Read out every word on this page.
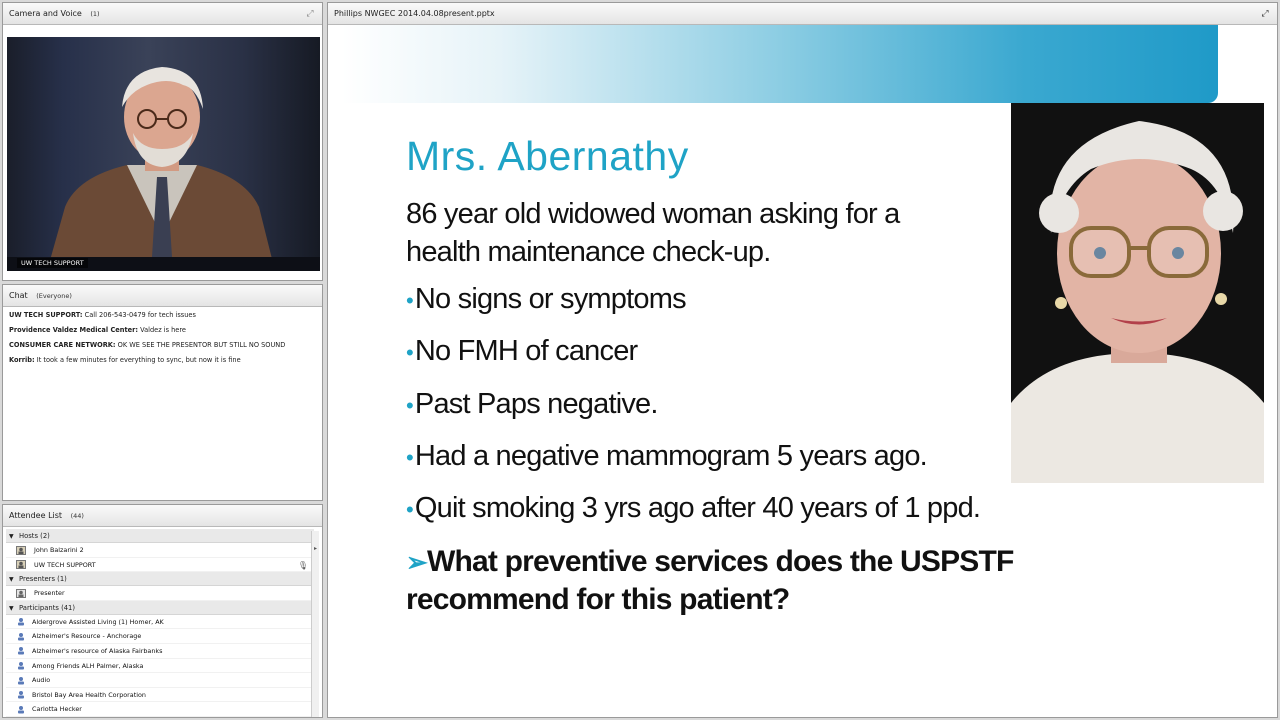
Camera and Voice (1)	⤢
UW TECH SUPPORT
Chat (Everyone)
UW TECH SUPPORT: Call 206-543-0479 for tech issues
Providence Valdez Medical Center: Valdez is here
CONSUMER CARE NETWORK: OK WE SEE THE PRESENTOR BUT STILL NO SOUND
Korrib: It took a few minutes for everything to sync, but now it is fine
Attendee List (44)
▼ Hosts (2)
John Balzarini 2
UW TECH SUPPORT	🎙
▼ Presenters (1)
Presenter
▼ Participants (41)
Aldergrove Assisted Living (1) Homer, AK
Alzheimer's Resource - Anchorage
Alzheimer's resource of Alaska Fairbanks
Among Friends ALH Palmer, Alaska
Audio
Bristol Bay Area Health Corporation
Carlotta Hecker
▸
Phillips NWGEC 2014.04.08present.pptx	⤢
Mrs. Abernathy
86 year old widowed woman asking for a health maintenance check-up.
•No signs or symptoms
•No FMH of cancer
•Past Paps negative.
•Had a negative mammogram 5 years ago.
•Quit smoking 3 yrs ago after 40 years of 1 ppd.
➢What preventive services does the USPSTF recommend for this patient?
